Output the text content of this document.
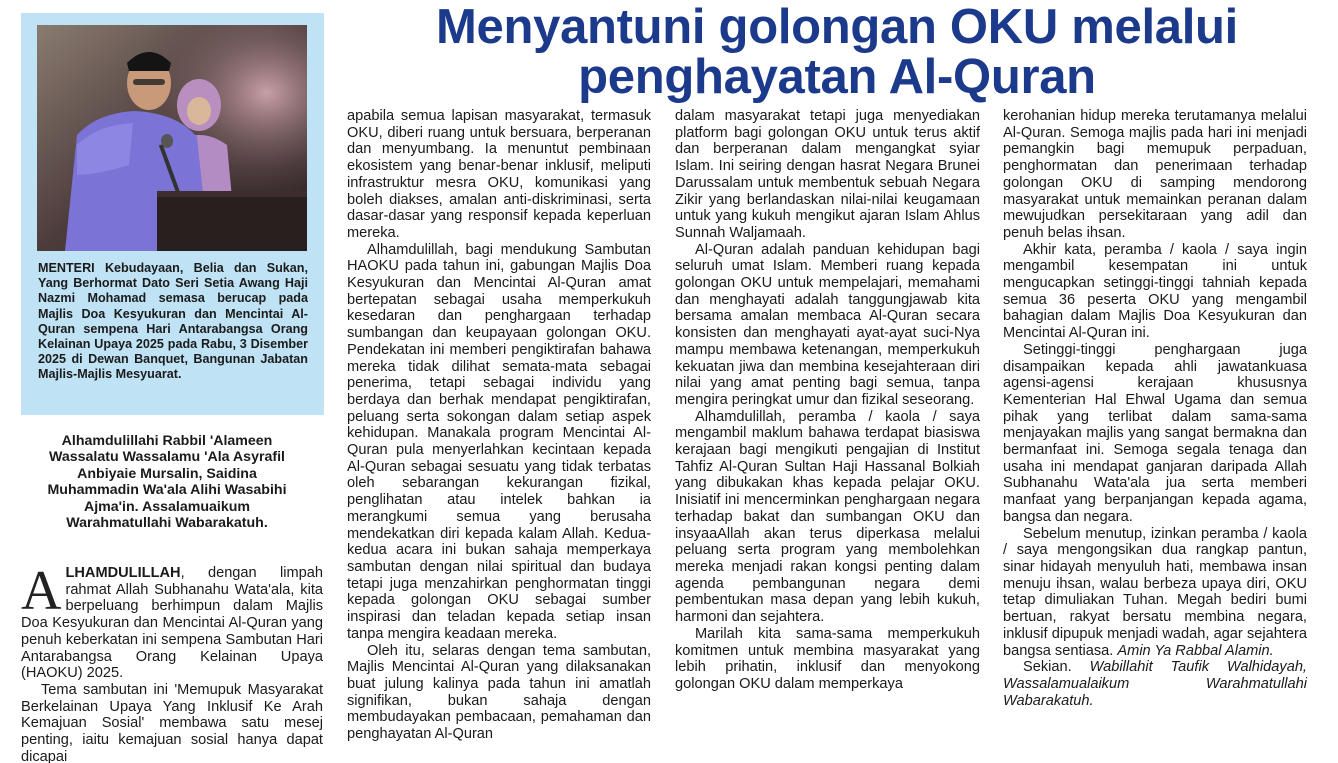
MENTERI Kebudayaan, Belia dan Sukan, Yang Berhormat Dato Seri Setia Awang Haji Nazmi Mohamad semasa berucap pada Majlis Doa Kesyukuran dan Mencintai Al-Quran sempena Hari Antarabangsa Orang Kelainan Upaya 2025 pada Rabu, 3 Disember 2025 di Dewan Banquet, Bangunan Jabatan Majlis-Majlis Mesyuarat.

Menyantuni golongan OKU melalui penghayatan Al-Quran

Alhamdulillahi Rabbil 'Alameen Wassalatu Wassalamu 'Ala Asyrafil Anbiyaie Mursalin, Saidina Muhammadin Wa'ala Alihi Wasabihi Ajma'in. Assalamuaikum Warahmatullahi Wabarakatuh.

ALHAMDULILLAH, dengan limpah rahmat Allah Subhanahu Wata'ala, kita berpeluang berhimpun dalam Majlis Doa Kesyukuran dan Mencintai Al-Quran yang penuh keberkatan ini sempena Sambutan Hari Antarabangsa Orang Kelainan Upaya (HAOKU) 2025.

Tema sambutan ini 'Memupuk Masyarakat Berkelainan Upaya Yang Inklusif Ke Arah Kemajuan Sosial' membawa satu mesej penting, iaitu kemajuan sosial hanya dapat dicapai

apabila semua lapisan masyarakat, termasuk OKU, diberi ruang untuk bersuara, berperanan dan menyumbang. Ia menuntut pembinaan ekosistem yang benar-benar inklusif, meliputi infrastruktur mesra OKU, komunikasi yang boleh diakses, amalan anti-diskriminasi, serta dasar-dasar yang responsif kepada keperluan mereka.

Alhamdulillah, bagi mendukung Sambutan HAOKU pada tahun ini, gabungan Majlis Doa Kesyukuran dan Mencintai Al-Quran amat bertepatan sebagai usaha memperkukuh kesedaran dan penghargaan terhadap sumbangan dan keupayaan golongan OKU. Pendekatan ini memberi pengiktirafan bahawa mereka tidak dilihat semata-mata sebagai penerima, tetapi sebagai individu yang berdaya dan berhak mendapat pengiktirafan, peluang serta sokongan dalam setiap aspek kehidupan. Manakala program Mencintai Al-Quran pula menyerlahkan kecintaan kepada Al-Quran sebagai sesuatu yang tidak terbatas oleh sebarangan kekurangan fizikal, penglihatan atau intelek bahkan ia merangkumi semua yang berusaha mendekatkan diri kepada kalam Allah. Kedua-kedua acara ini bukan sahaja memperkaya sambutan dengan nilai spiritual dan budaya tetapi juga menzahirkan penghormatan tinggi kepada golongan OKU sebagai sumber inspirasi dan teladan kepada setiap insan tanpa mengira keadaan mereka.

Oleh itu, selaras dengan tema sambutan, Majlis Mencintai Al-Quran yang dilaksanakan buat julung kalinya pada tahun ini amatlah signifikan, bukan sahaja dengan membudayakan pembacaan, pemahaman dan penghayatan Al-Quran

dalam masyarakat tetapi juga menyediakan platform bagi golongan OKU untuk terus aktif dan berperanan dalam mengangkat syiar Islam. Ini seiring dengan hasrat Negara Brunei Darussalam untuk membentuk sebuah Negara Zikir yang berlandaskan nilai-nilai keugamaan untuk yang kukuh mengikut ajaran Islam Ahlus Sunnah Waljamaah.

Al-Quran adalah panduan kehidupan bagi seluruh umat Islam. Memberi ruang kepada golongan OKU untuk mempelajari, memahami dan menghayati adalah tanggungjawab kita bersama amalan membaca Al-Quran secara konsisten dan menghayati ayat-ayat suci-Nya mampu membawa ketenangan, memperkukuh kekuatan jiwa dan membina kesejahteraan diri nilai yang amat penting bagi semua, tanpa mengira peringkat umur dan fizikal seseorang.

Alhamdulillah, peramba / kaola / saya mengambil maklum bahawa terdapat biasiswa kerajaan bagi mengikuti pengajian di Institut Tahfiz Al-Quran Sultan Haji Hassanal Bolkiah yang dibukakan khas kepada pelajar OKU. Inisiatif ini mencerminkan penghargaan negara terhadap bakat dan sumbangan OKU dan insyaaAllah akan terus diperkasa melalui peluang serta program yang membolehkan mereka menjadi rakan kongsi penting dalam agenda pembangunan negara demi pembentukan masa depan yang lebih kukuh, harmoni dan sejahtera.

Marilah kita sama-sama memperkukuh komitmen untuk membina masyarakat yang lebih prihatin, inklusif dan menyokong golongan OKU dalam memperkaya

kerohanian hidup mereka terutamanya melalui Al-Quran. Semoga majlis pada hari ini menjadi pemangkin bagi memupuk perpaduan, penghormatan dan penerimaan terhadap golongan OKU di samping mendorong masyarakat untuk memainkan peranan dalam mewujudkan persekitaraan yang adil dan penuh belas ihsan.

Akhir kata, peramba / kaola / saya ingin mengambil kesempatan ini untuk mengucapkan setinggi-tinggi tahniah kepada semua 36 peserta OKU yang mengambil bahagian dalam Majlis Doa Kesyukuran dan Mencintai Al-Quran ini.

Setinggi-tinggi penghargaan juga disampaikan kepada ahli jawatankuasa agensi-agensi kerajaan khususnya Kementerian Hal Ehwal Ugama dan semua pihak yang terlibat dalam sama-sama menjayakan majlis yang sangat bermakna dan bermanfaat ini. Semoga segala tenaga dan usaha ini mendapat ganjaran daripada Allah Subhanahu Wata'ala jua serta memberi manfaat yang berpanjangan kepada agama, bangsa dan negara.

Sebelum menutup, izinkan peramba / kaola / saya mengongsikan dua rangkap pantun, sinar hidayah menyuluh hati, membawa insan menuju ihsan, walau berbeza upaya diri, OKU tetap dimuliakan Tuhan. Megah bediri bumi bertuan, rakyat bersatu membina negara, inklusif dipupuk menjadi wadah, agar sejahtera bangsa sentiasa. Amin Ya Rabbal Alamin.

Sekian. Wabillahit Taufik Walhidayah, Wassalamualaikum Warahmatullahi Wabarakatuh.
